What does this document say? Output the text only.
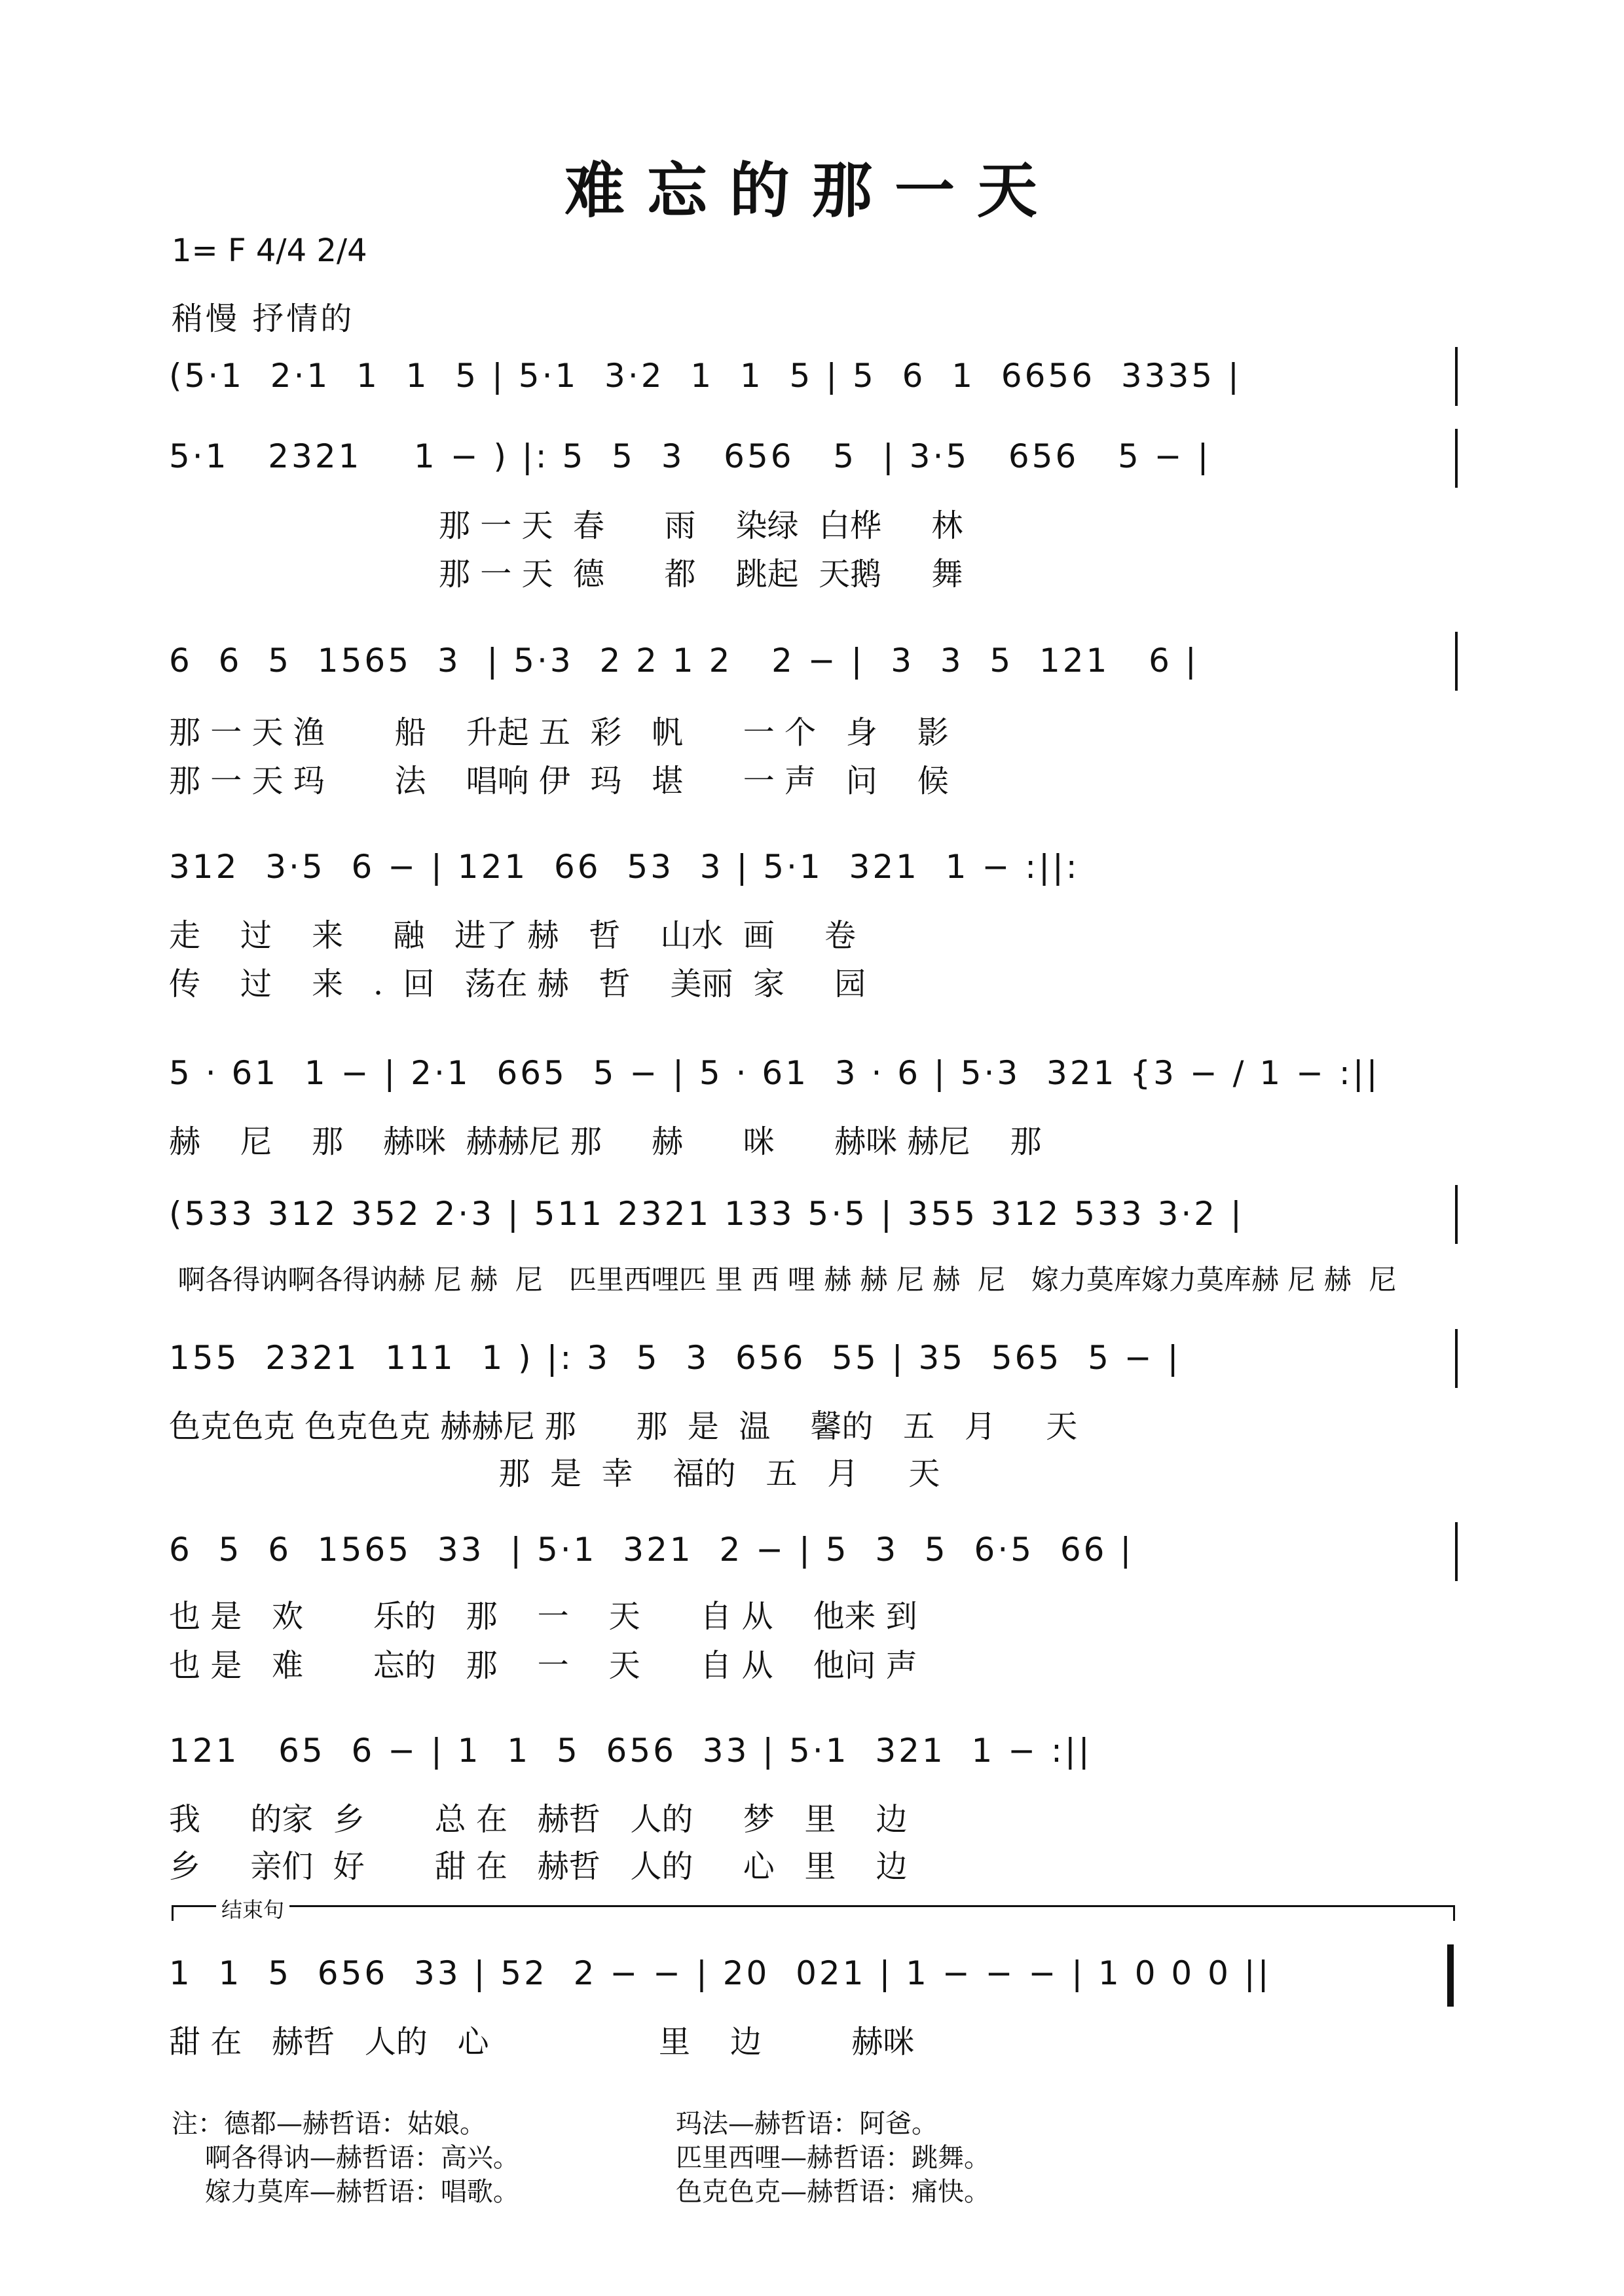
难忘的那一天
1= F 4/4 2/4
稍慢 抒情的
(5·1  2·1  1  1  5 | 5·1  3·2  1  1  5 | 5  6  1  6656  3335 |
5·1   2321    1 − ) |: 5  5  3   656   5  | 3·5   656   5 − |
那 一 天  春      雨    染绿  白桦     林
那 一 天  德      都    跳起  天鹅     舞
6  6  5  1565  3  | 5·3  2 2 1 2   2 − |  3  3  5  121   6 |
那 一 天 渔       船    升起 五  彩   帆      一 个   身    影
那 一 天 玛       法    唱响 伊  玛   堪      一 声   问    候
312  3·5  6 − | 121  66  53  3 | 5·1  321  1 − :||:
走    过    来     融   进了 赫   哲    山水  画     卷
传    过    来   .  回   荡在 赫   哲    美丽  家     园
5 · 61  1 − | 2·1  665  5 − | 5 · 61  3 · 6 | 5·3  321 {3 − / 1 − :||
赫    尼    那    赫咪  赫赫尼 那     赫      咪      赫咪 赫尼    那
(533 312 352 2·3 | 511 2321 133 5·5 | 355 312 533 3·2 |
啊各得讷啊各得讷赫 尼 赫  尼   匹里西哩匹 里 西 哩 赫 赫 尼 赫  尼   嫁力莫库嫁力莫库赫 尼 赫  尼
155  2321  111  1 ) |: 3  5  3  656  55 | 35  565  5 − |
色克色克 色克色克 赫赫尼 那      那  是  温    馨的   五   月     天
那  是  幸    福的   五   月     天
6  5  6  1565  33  | 5·1  321  2 − | 5  3  5  6·5  66 |
也 是   欢       乐的   那    一    天      自 从    他来 到
也 是   难       忘的   那    一    天      自 从    他问 声
121   65  6 − | 1  1  5  656  33 | 5·1  321  1 − :||
我     的家  乡       总 在   赫哲   人的     梦   里    边
乡     亲们  好       甜 在   赫哲   人的     心   里    边
结束句
1  1  5  656  33 | 52  2 − − | 20  021 | 1 − − − | 1 0 0 0 ||
甜 在   赫哲   人的   心                 里    边         赫咪
注：德都—赫哲语：姑娘。	玛法—赫哲语：阿爸。
啊各得讷—赫哲语：高兴。	匹里西哩—赫哲语：跳舞。
嫁力莫库—赫哲语：唱歌。	色克色克—赫哲语：痛快。
